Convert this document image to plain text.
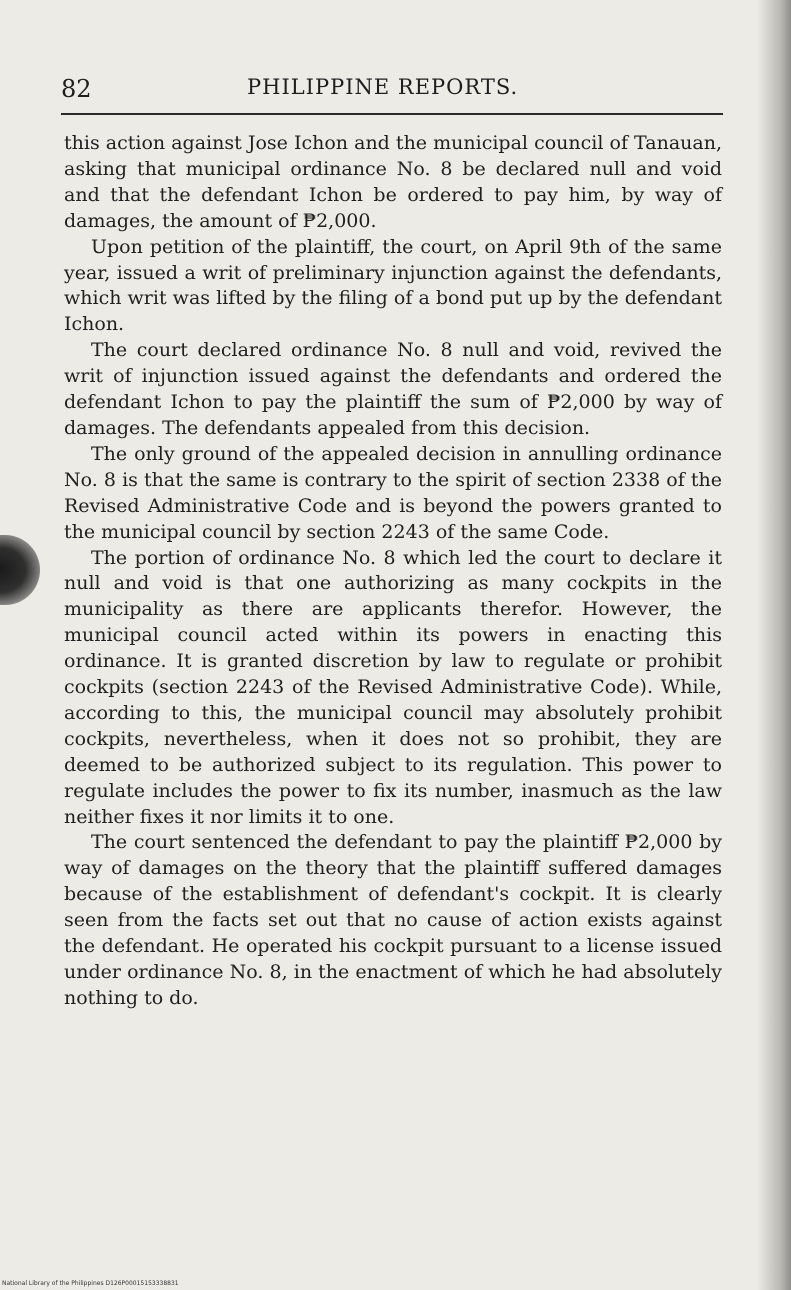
82	PHILIPPINE REPORTS.

this action against Jose Ichon and the municipal council of Tanauan, asking that municipal ordinance No. 8 be declared null and void and that the defendant Ichon be ordered to pay him, by way of damages, the amount of ₱2,000.

Upon petition of the plaintiff, the court, on April 9th of the same year, issued a writ of preliminary injunction against the defendants, which writ was lifted by the filing of a bond put up by the defendant Ichon.

The court declared ordinance No. 8 null and void, revived the writ of injunction issued against the defendants and ordered the defendant Ichon to pay the plaintiff the sum of ₱2,000 by way of damages. The defendants appealed from this decision.

The only ground of the appealed decision in annulling ordinance No. 8 is that the same is contrary to the spirit of section 2338 of the Revised Administrative Code and is beyond the powers granted to the municipal council by section 2243 of the same Code.

The portion of ordinance No. 8 which led the court to declare it null and void is that one authorizing as many cockpits in the municipality as there are applicants therefor. However, the municipal council acted within its powers in enacting this ordinance. It is granted discretion by law to regulate or prohibit cockpits (section 2243 of the Revised Administrative Code). While, according to this, the municipal council may absolutely prohibit cockpits, nevertheless, when it does not so prohibit, they are deemed to be authorized subject to its regulation. This power to regulate includes the power to fix its number, inasmuch as the law neither fixes it nor limits it to one.

The court sentenced the defendant to pay the plaintiff ₱2,000 by way of damages on the theory that the plaintiff suffered damages because of the establishment of defendant's cockpit. It is clearly seen from the facts set out that no cause of action exists against the defendant. He operated his cockpit pursuant to a license issued under ordinance No. 8, in the enactment of which he had absolutely nothing to do.

National Library of the Philippines D126P00015153338831
